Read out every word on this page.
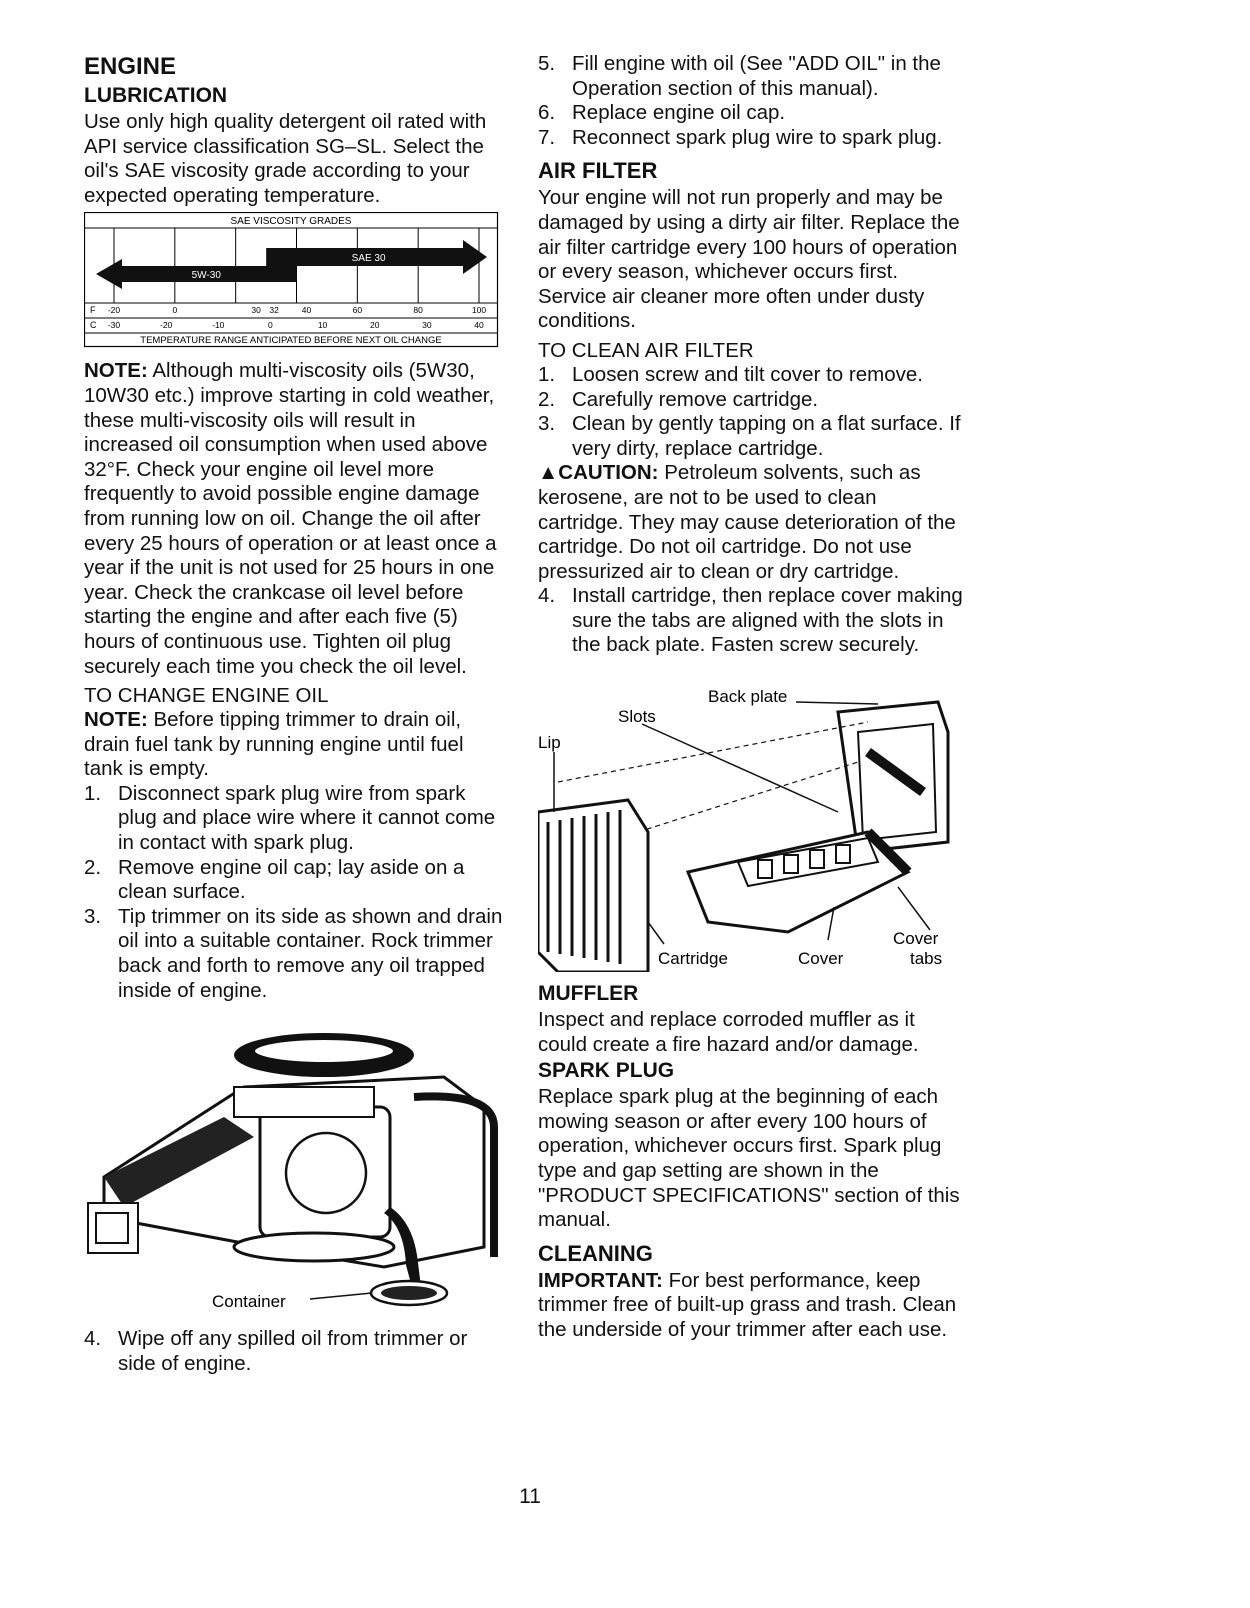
ENGINE

LUBRICATION

Use only high quality detergent oil rated with API service classification SG–SL. Select the oil's SAE viscosity grade according to your expected operating temperature.

SAE VISCOSITY GRADES
5W-30
SAE 30
F
C
-20	0	30 32	40	60	80	100
-30	-20	-10	0	10	20	30	40
TEMPERATURE RANGE ANTICIPATED BEFORE NEXT OIL CHANGE

NOTE: Although multi-viscosity oils (5W30, 10W30 etc.) improve starting in cold weather, these multi-viscosity oils will result in increased oil consumption when used above 32°F. Check your engine oil level more frequently to avoid possible engine damage from running low on oil. Change the oil after every 25 hours of operation or at least once a year if the unit is not used for 25 hours in one year. Check the crankcase oil level before starting the engine and after each five (5) hours of continuous use. Tighten oil plug securely each time you check the oil level.

TO CHANGE ENGINE OIL

NOTE: Before tipping trimmer to drain oil, drain fuel tank by running engine until fuel tank is empty.

1. Disconnect spark plug wire from spark plug and place wire where it cannot come in contact with spark plug.
2. Remove engine oil cap; lay aside on a clean surface.
3. Tip trimmer on its side as shown and drain oil into a suitable container. Rock trimmer back and forth to remove any oil trapped inside of engine.
Container
4. Wipe off any spilled oil from trimmer or side of engine.
5. Fill engine with oil (See "ADD OIL" in the Operation section of this manual).
6. Replace engine oil cap.
7. Reconnect spark plug wire to spark plug.

AIR FILTER

Your engine will not run properly and may be damaged by using a dirty air filter. Replace the air filter cartridge every 100 hours of operation or every season, whichever occurs first. Service air cleaner more often under dusty conditions.

TO CLEAN AIR FILTER

1. Loosen screw and tilt cover to remove.
2. Carefully remove cartridge.
3. Clean by gently tapping on a flat surface. If very dirty, replace cartridge.

▲CAUTION: Petroleum solvents, such as kerosene, are not to be used to clean cartridge. They may cause deterioration of the cartridge. Do not oil cartridge. Do not use pressurized air to clean or dry cartridge.

4. Install cartridge, then replace cover making sure the tabs are aligned with the slots in the back plate. Fasten screw securely.
Back plate
Slots
Lip
Cartridge	Cover
Cover
tabs

MUFFLER

Inspect and replace corroded muffler as it could create a fire hazard and/or damage.

SPARK PLUG

Replace spark plug at the beginning of each mowing season or after every 100 hours of operation, whichever occurs first. Spark plug type and gap setting are shown in the "PRODUCT SPECIFICATIONS" section of this manual.

CLEANING

IMPORTANT: For best performance, keep trimmer free of built-up grass and trash. Clean the underside of your trimmer after each use.

11
